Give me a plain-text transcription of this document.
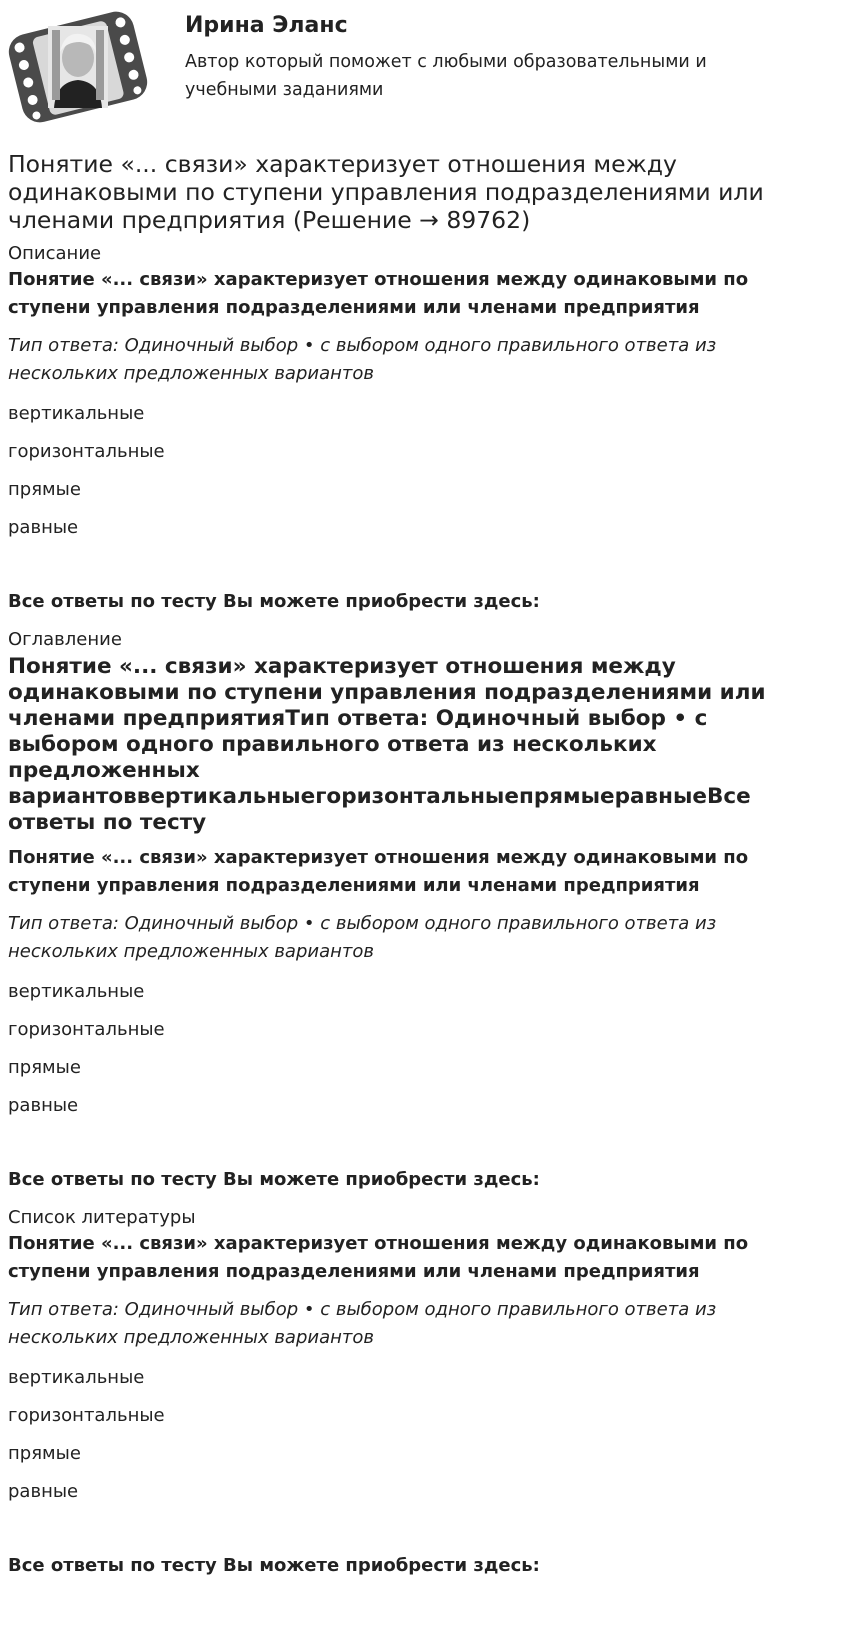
Ирина Эланс

Автор который поможет с любыми образовательными и учебными заданиями

Понятие «... связи» характеризует отношения между одинаковыми по ступени управления подразделениями или членами предприятия (Решение → 89762)

Описание

Понятие «... связи» характеризует отношения между одинаковыми по ступени управления подразделениями или членами предприятия

Тип ответа: Одиночный выбор • с выбором одного правильного ответа из нескольких предложенных вариантов

вертикальные

горизонтальные

прямые

равные

Все ответы по тесту Вы можете приобрести здесь:

Оглавление

Понятие «... связи» характеризует отношения между одинаковыми по ступени управления подразделениями или членами предприятияТип ответа: Одиночный выбор • с выбором одного правильного ответа из нескольких предложенных вариантоввертикальныегоризонтальныепрямыеравныеВсе ответы по тесту

Понятие «... связи» характеризует отношения между одинаковыми по ступени управления подразделениями или членами предприятия

Тип ответа: Одиночный выбор • с выбором одного правильного ответа из нескольких предложенных вариантов

вертикальные

горизонтальные

прямые

равные

Все ответы по тесту Вы можете приобрести здесь:

Список литературы

Понятие «... связи» характеризует отношения между одинаковыми по ступени управления подразделениями или членами предприятия

Тип ответа: Одиночный выбор • с выбором одного правильного ответа из нескольких предложенных вариантов

вертикальные

горизонтальные

прямые

равные

Все ответы по тесту Вы можете приобрести здесь:
